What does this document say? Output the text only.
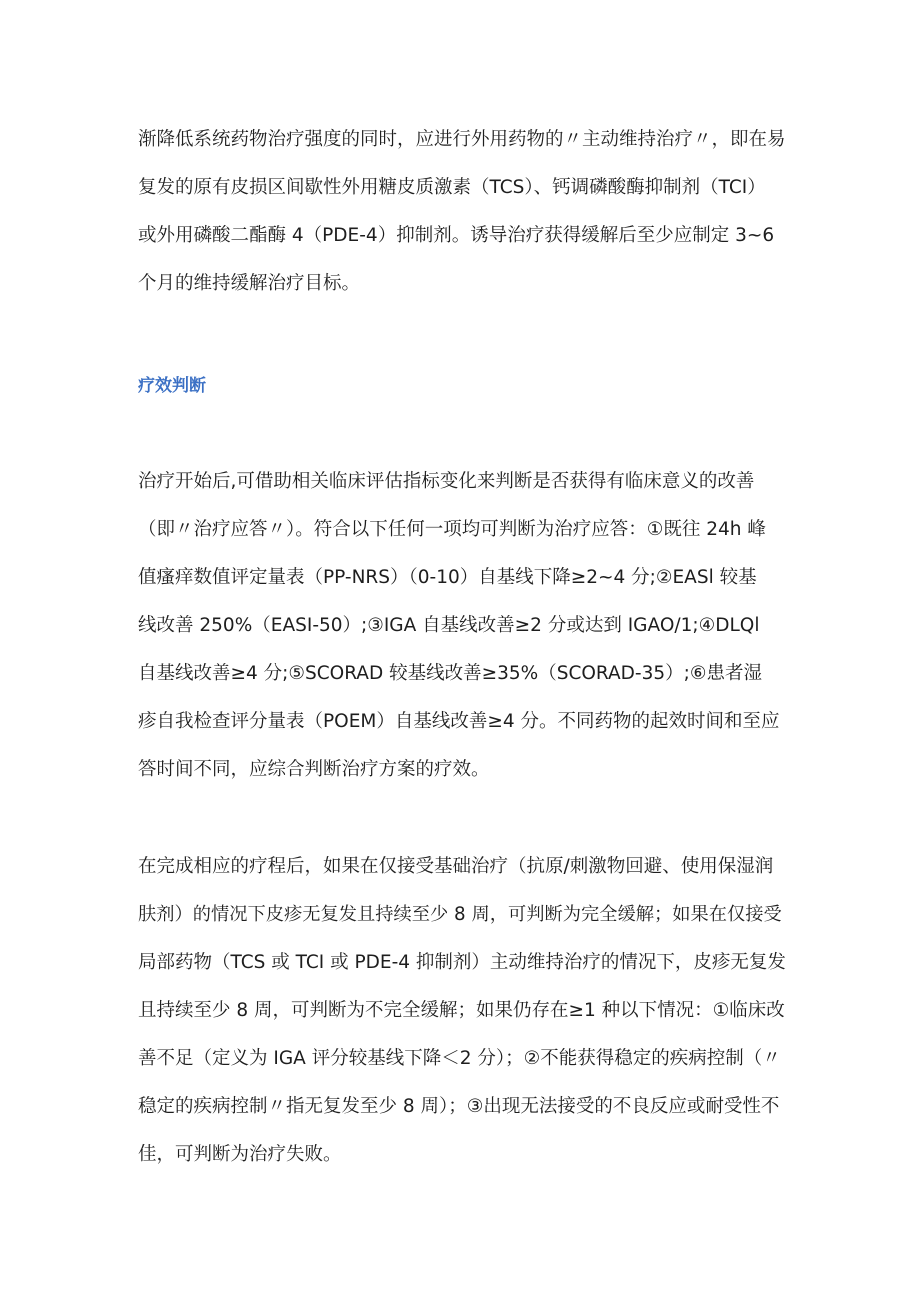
渐降低系统药物治疗强度的同时，应进行外用药物的〃主动维持治疗〃，即在易
复发的原有皮损区间歇性外用糖皮质激素（TCS）、钙调磷酸酶抑制剂（TCI）
或外用磷酸二酯酶 4（PDE-4）抑制剂。诱导治疗获得缓解后至少应制定 3~6
个月的维持缓解治疗目标。
疗效判断
治疗开始后,可借助相关临床评估指标变化来判断是否获得有临床意义的改善
（即〃治疗应答〃）。符合以下任何一项均可判断为治疗应答：①既往 24h 峰
值瘙痒数值评定量表（PP-NRS）（0-10）自基线下降≥2~4 分;②EASl 较基
线改善 250%（EASI-50）;③IGA 自基线改善≥2 分或达到 IGAO/1;④DLQl
自基线改善≥4 分;⑤SCORAD 较基线改善≥35%（SCORAD-35）;⑥患者湿
疹自我检查评分量表（POEM）自基线改善≥4 分。不同药物的起效时间和至应
答时间不同，应综合判断治疗方案的疗效。
在完成相应的疗程后，如果在仅接受基础治疗（抗原/刺激物回避、使用保湿润
肤剂）的情况下皮疹无复发且持续至少 8 周，可判断为完全缓解；如果在仅接受
局部药物（TCS 或 TCI 或 PDE-4 抑制剂）主动维持治疗的情况下，皮疹无复发
且持续至少 8 周，可判断为不完全缓解；如果仍存在≥1 种以下情况：①临床改
善不足（定义为 IGA 评分较基线下降＜2 分）；②不能获得稳定的疾病控制（〃
稳定的疾病控制〃指无复发至少 8 周）；③出现无法接受的不良反应或耐受性不
佳，可判断为治疗失败。
